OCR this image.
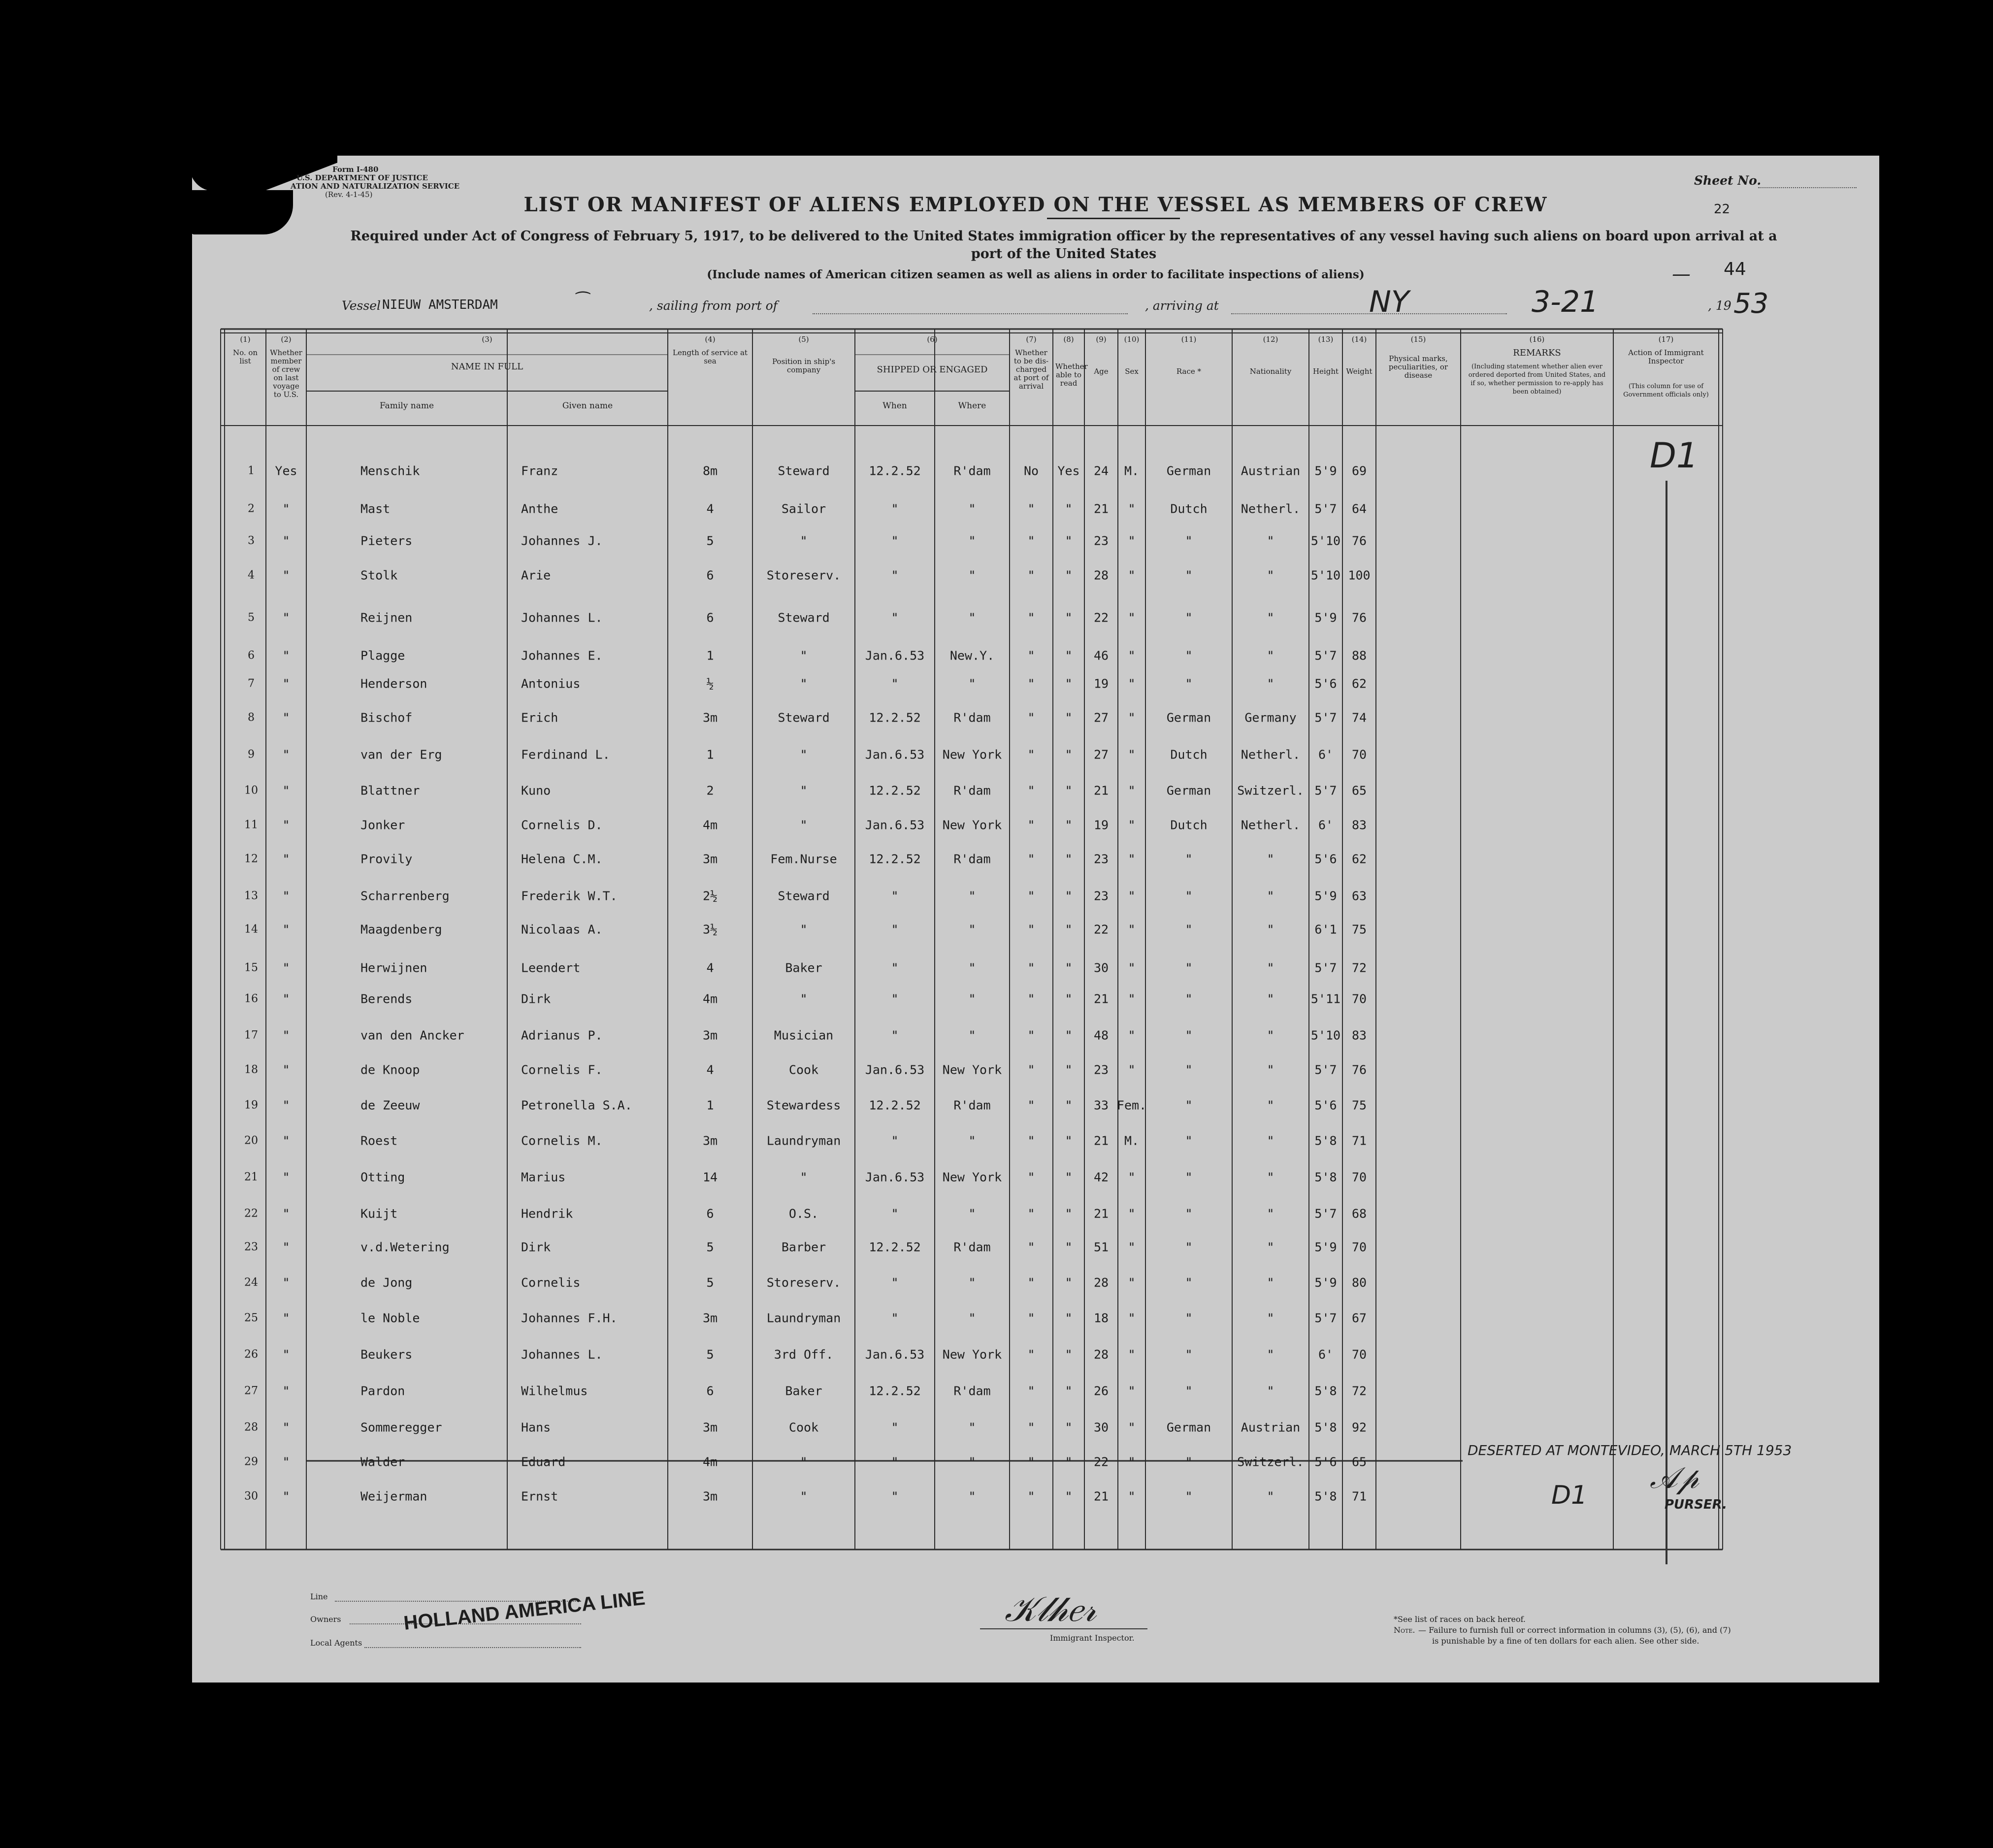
Form I-480
U.S. DEPARTMENT OF JUSTICE
ATION AND NATURALIZATION SERVICE
(Rev. 4-1-45)
Sheet No.
22
LIST OR MANIFEST OF ALIENS EMPLOYED ON THE VESSEL AS MEMBERS OF CREW
Required under Act of Congress of February 5, 1917, to be delivered to the United States immigration officer by the representatives of any vessel having such aliens on board upon arrival at a
port of the United States
(Include names of American citizen seamen as well as aliens in order to facilitate inspections of aliens)	— 44
Vessel NIEUW AMSTERDAM	⁀	, sailing from port of	, arriving at	NY	3-21	, 19 53
(1)
No. on list
(2)
Whether member of crew on last voyage to U.S.
(3)
NAME IN FULL
(4)
Length of service at sea
(5)
Position in ship's company
(6)
SHIPPED OR ENGAGED
(7)
Whether to be dis-charged at port of arrival
(8)
Whether able to read
(9)
Age
(10)
Sex
(11)
Race *
(12)
Nationality
(13)
Height
(14)
Weight
(15)
Physical marks, peculiarities, or disease
(16)
REMARKS
(17)
Action of Immigrant Inspector
Family name	Given name	When	Where
(Including statement whether alien ever ordered deported from United States, and if so, whether permission to re-apply has been obtained)
(This column for use of Government officials only)
1 Yes	Menschik	Franz	8m	Steward	12.2.52	R'dam	No Yes 24 M. German Austrian 5'9 69
2 "	Mast	Anthe	4	Sailor	"	"	" " 21 "	Dutch	Netherl. 5'7 64
3 "	Pieters	Johannes J.	5	"	"	"	" " 23 "	"	"	5'10 76
4 "	Stolk	Arie	6	Storeserv.	"	"	" " 28 "	"	"	5'10 100
5 "	Reijnen	Johannes L.	6	Steward	"	"	" " 22 "	"	"	5'9 76
6 "	Plagge	Johannes E.	1	"	Jan.6.53 New.Y.	" " 46 "	"	"	5'7 88
7 "	Henderson	Antonius	½	"	"	"	" " 19 "	"	"	5'6 62
8 "	Bischof	Erich	3m	Steward	12.2.52	R'dam	" " 27 "	German	Germany 5'7 74
9 "	van der Erg	Ferdinand L.	1	"	Jan.6.53 New York " " 27 "	Dutch	Netherl. 6' 70
10 "	Blattner	Kuno	2	"	12.2.52	R'dam	" " 21 "	German Switzerl. 5'7 65
11 "	Jonker	Cornelis D.	4m	"	Jan.6.53 New York " " 19 "	Dutch	Netherl. 6' 83
12 "	Provily	Helena C.M.	3m	Fem.Nurse	12.2.52	R'dam	" " 23 "	"	"	5'6 62
13 "	Scharrenberg	Frederik W.T.	2½	Steward	"	"	" " 23 "	"	"	5'9 63
14 "	Maagdenberg	Nicolaas A.	3½	"	"	"	" " 22 "	"	"	6'1 75
15 "	Herwijnen	Leendert	4	Baker	"	"	" " 30 "	"	"	5'7 72
16 "	Berends	Dirk	4m	"	"	"	" " 21 "	"	"	5'11 70
17 "	van den Ancker	Adrianus P.	3m	Musician	"	"	" " 48 "	"	"	5'10 83
18 "	de Knoop	Cornelis F.	4	Cook	Jan.6.53 New York " " 23 "	"	"	5'7 76
19 "	de Zeeuw	Petronella S.A.	1	Stewardess 12.2.52	R'dam	" " 33 Fem.	"	"	5'6 75
20 "	Roest	Cornelis M.	3m	Laundryman	"	"	" " 21 M.	"	"	5'8 71
21 "	Otting	Marius	14	"	Jan.6.53 New York " " 42 "	"	"	5'8 70
22 "	Kuijt	Hendrik	6	O.S.	"	"	" " 21 "	"	"	5'7 68
23 "	v.d.Wetering	Dirk	5	Barber	12.2.52	R'dam	" " 51 "	"	"	5'9 70
24 "	de Jong	Cornelis	5	Storeserv.	"	"	" " 28 "	"	"	5'9 80
25 "	le Noble	Johannes F.H.	3m	Laundryman	"	"	" " 18 "	"	"	5'7 67
26 "	Beukers	Johannes L.	5	3rd Off.	Jan.6.53 New York " " 28 "	"	"	6' 70
27 "	Pardon	Wilhelmus	6	Baker	12.2.52	R'dam	" " 26 "	"	"	5'8 72
28 "	Sommeregger	Hans	3m	Cook	"	"	" " 30 "	German Austrian 5'8 92
29 "	Walder	Eduard	4m	"	"	"	" " 22 "	"	Switzerl. 5'6 65
30 "	Weijerman	Ernst	3m	"	"	"	" " 21 "	"	"	5'8 71
D1
DESERTED AT MONTEVIDEO, MARCH 5TH 1953
D1 𝒜𝓅
PURSER.
Line
Owners
Local Agents
HOLLAND AMERICA LINE	𝒦𝓁𝒽𝑒𝓇
Immigrant Inspector.
*See list of races on back hereof.
Note. — Failure to furnish full or correct information in columns (3), (5), (6), and (7)
is punishable by a fine of ten dollars for each alien. See other side.
